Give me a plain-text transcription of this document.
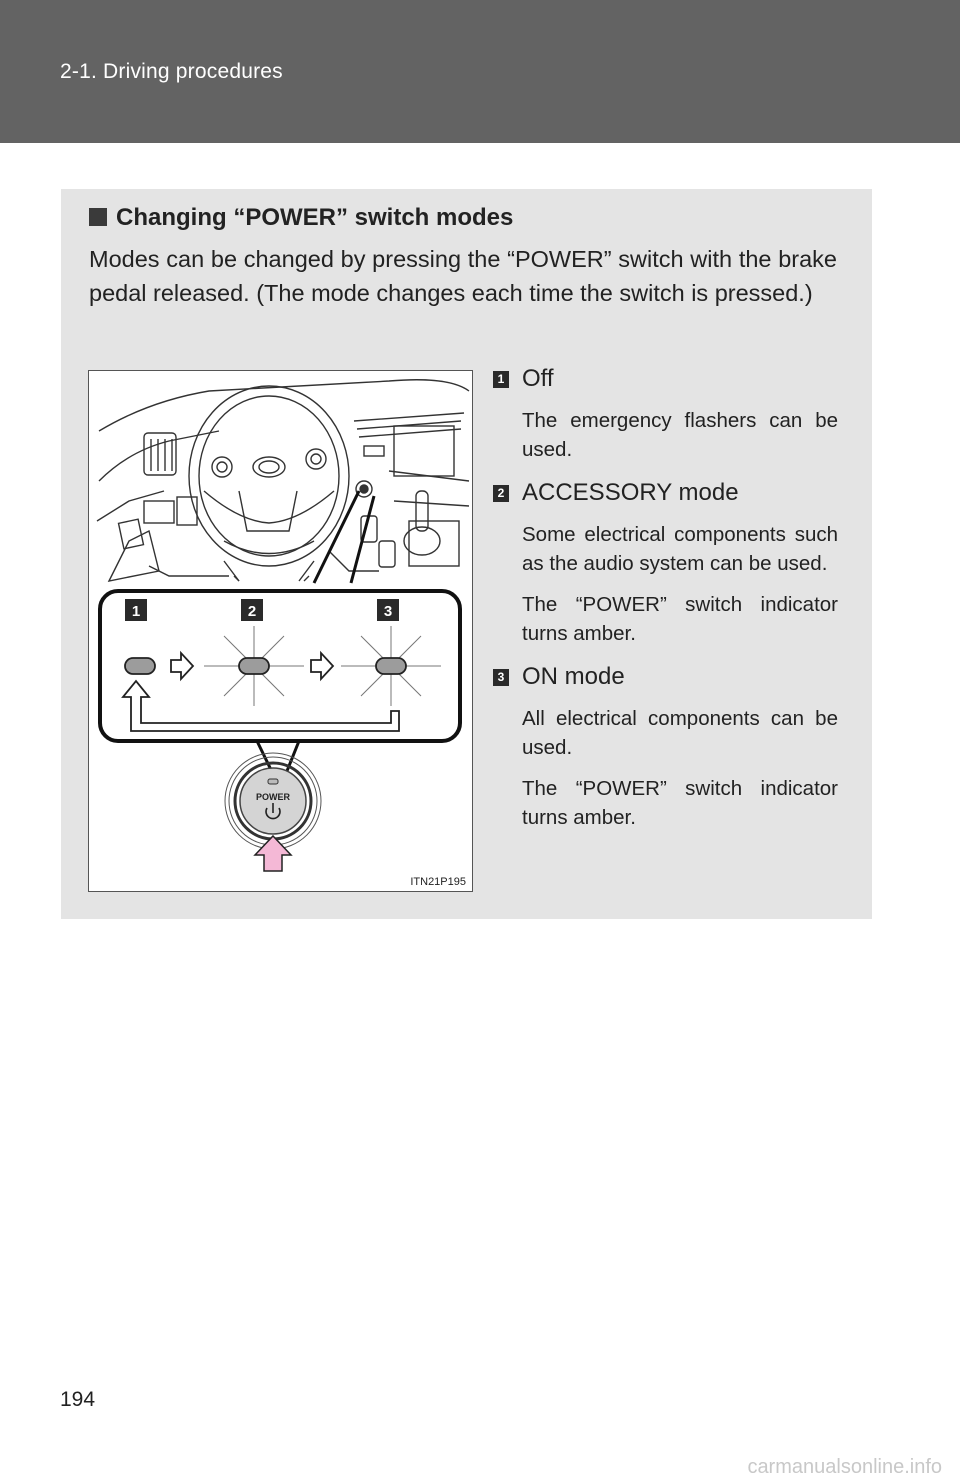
2-1. Driving procedures
Changing “POWER” switch modes
Modes can be changed by pressing the “POWER” switch with the brake pedal released. (The mode changes each time the switch is pressed.)
1	2	3
POWER
ITN21P195
1 Off
The emergency flashers can be used.
2 ACCESSORY mode
Some electrical components such as the audio system can be used.
The “POWER” switch indicator turns amber.
3 ON mode
All electrical components can be used.
The “POWER” switch indicator turns amber.
194
carmanualsonline.info
